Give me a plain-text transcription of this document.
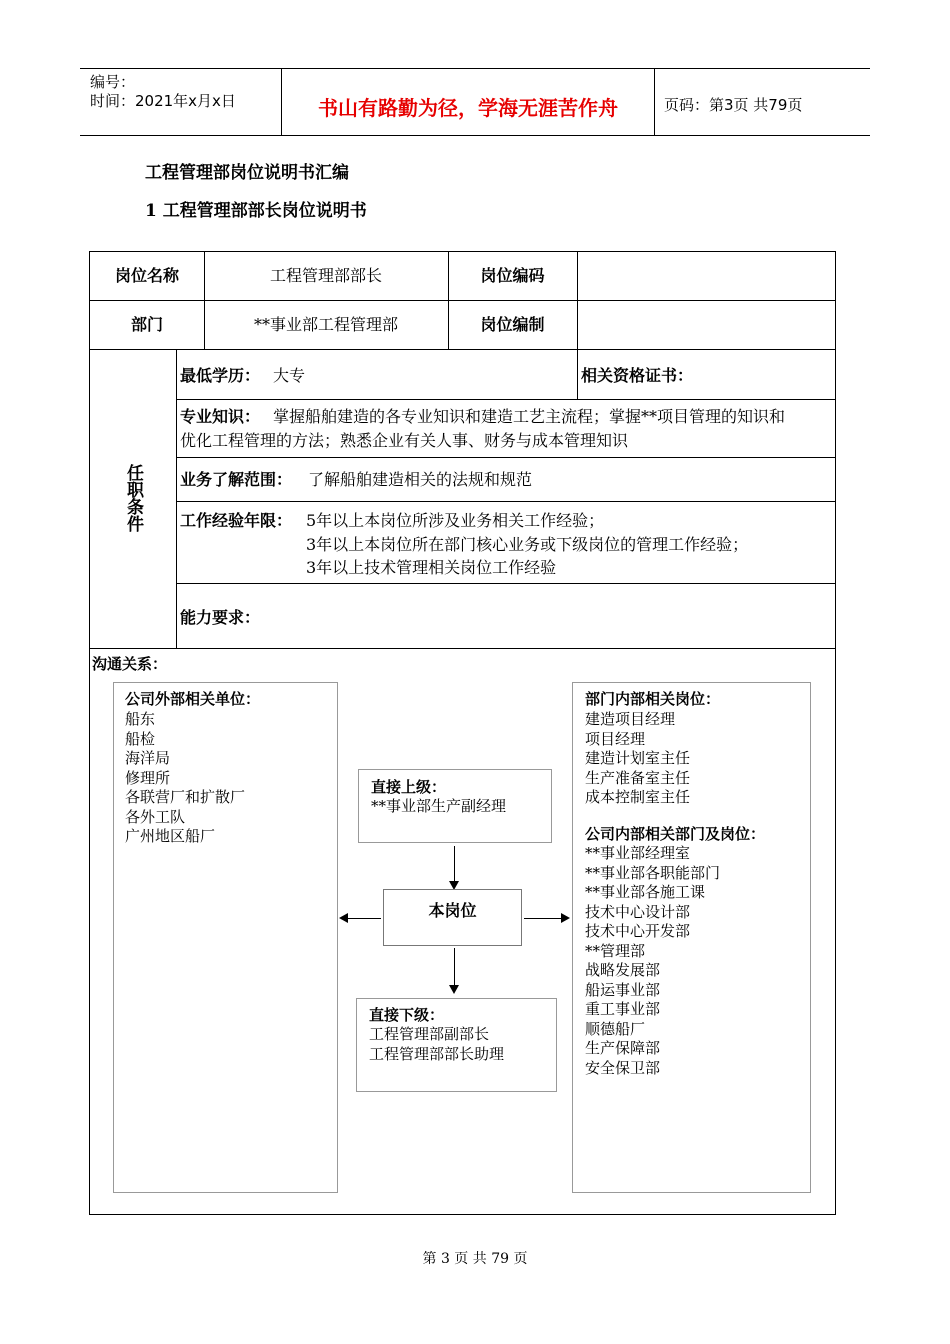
编号：
时间：2021年x月x日	书山有路勤为径，学海无涯苦作舟	页码：第3页 共79页
工程管理部岗位说明书汇编
1 工程管理部部长岗位说明书
岗位名称	工程管理部部长	岗位编码
部门	**事业部工程管理部	岗位编制
任职条件
最低学历： 大专	相关资格证书：
专业知识： 掌握船舶建造的各专业知识和建造工艺主流程；掌握**项目管理的知识和
优化工程管理的方法；熟悉企业有关人事、财务与成本管理知识
业务了解范围： 了解船舶建造相关的法规和规范
工作经验年限： 5年以上本岗位所涉及业务相关工作经验；
3年以上本岗位所在部门核心业务或下级岗位的管理工作经验；
3年以上技术管理相关岗位工作经验
能力要求：
沟通关系：
公司外部相关单位：
船东
船检
海洋局
修理所
各联营厂和扩散厂
各外工队
广州地区船厂
直接上级：
**事业部生产副经理
本岗位
直接下级：
工程管理部副部长
工程管理部部长助理
部门内部相关岗位：
建造项目经理
项目经理
建造计划室主任
生产准备室主任
成本控制室主任
公司内部相关部门及岗位：
**事业部经理室
**事业部各职能部门
**事业部各施工课
技术中心设计部
技术中心开发部
**管理部
战略发展部
船运事业部
重工事业部
顺德船厂
生产保障部
安全保卫部
第 3 页 共 79 页
